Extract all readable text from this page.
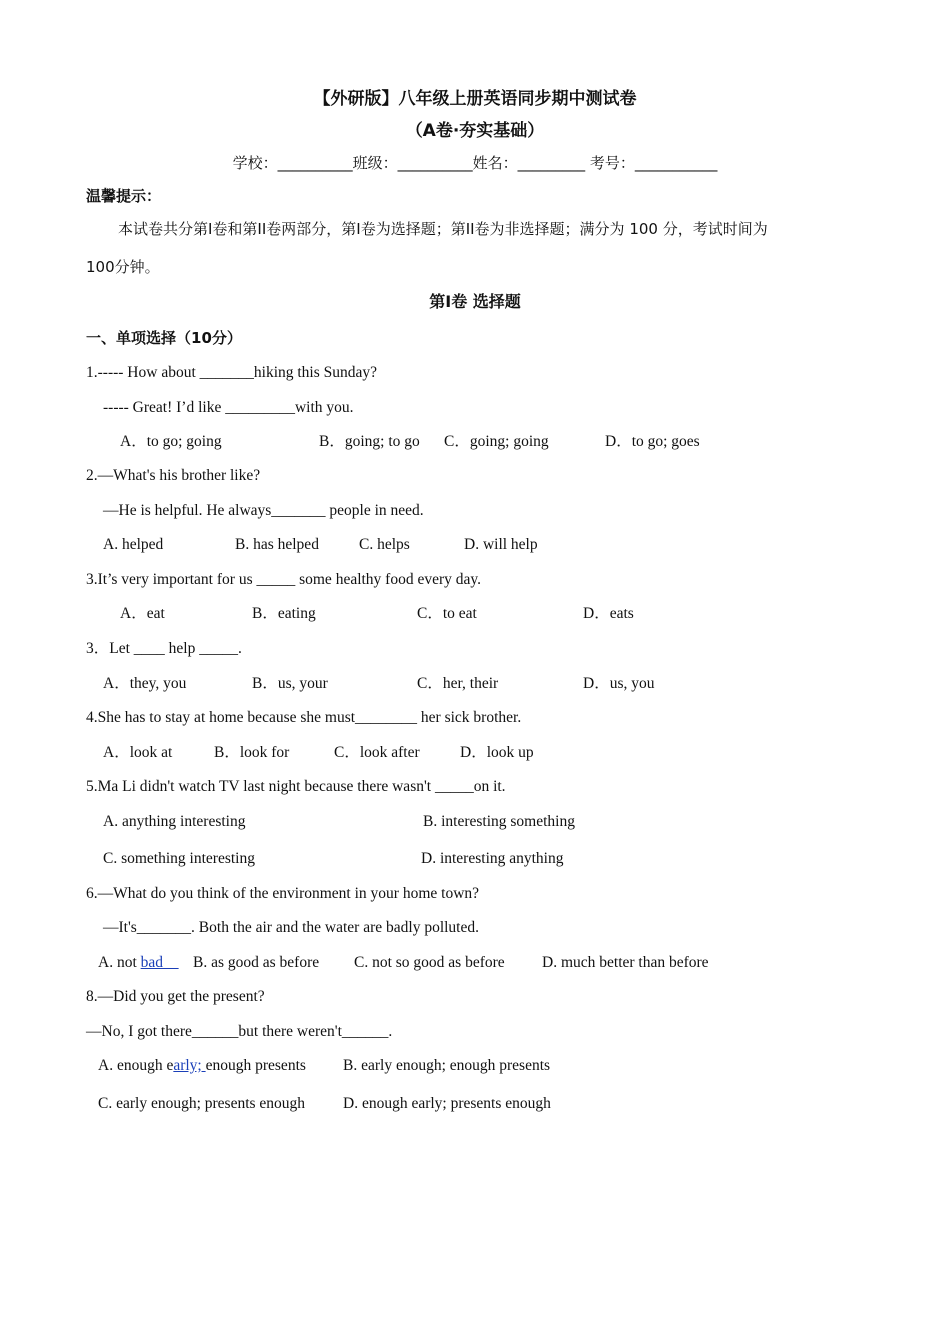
【外研版】八年级上册英语同步期中测试卷
（A卷·夯实基础）
学校：__________班级：__________姓名：_________ 考号：___________
温馨提示：
本试卷共分第I卷和第II卷两部分，第I卷为选择题；第II卷为非选择题；满分为 100 分，考试时间为
100分钟。
第I卷 选择题
一、单项选择（10分）
1.----- How about _______hiking this Sunday?
----- Great! I’d like _________with you.
A．to go; going	B．going; to go C．going; going	D．to go; goes
2.—What's his brother like?
—He is helpful. He always_______ people in need.
A. helped	B. has helped	C. helps	D. will help
3.It’s very important for us _____ some healthy food every day.
A．eat	B．eating	C．to eat	D．eats
3．Let ____ help _____.
A．they, you	B．us, your	C．her, their	D．us, you
4.She has to stay at home because she must________ her sick brother.
A．look at	B．look for	C．look after	D．look up
5.Ma Li didn't watch TV last night because there wasn't _____on it.
A. anything interesting	B. interesting something
C. something interesting	D. interesting anything
6.—What do you think of the environment in your home town?
—It's_______. Both the air and the water are badly polluted.
A. not bad__ B. as good as before C. not so good as before D. much better than before
8.—Did you get the present?
—No, I got there______but there weren't______.
A. enough early; enough presents B. early enough; enough presents
C. early enough; presents enough D. enough early; presents enough
